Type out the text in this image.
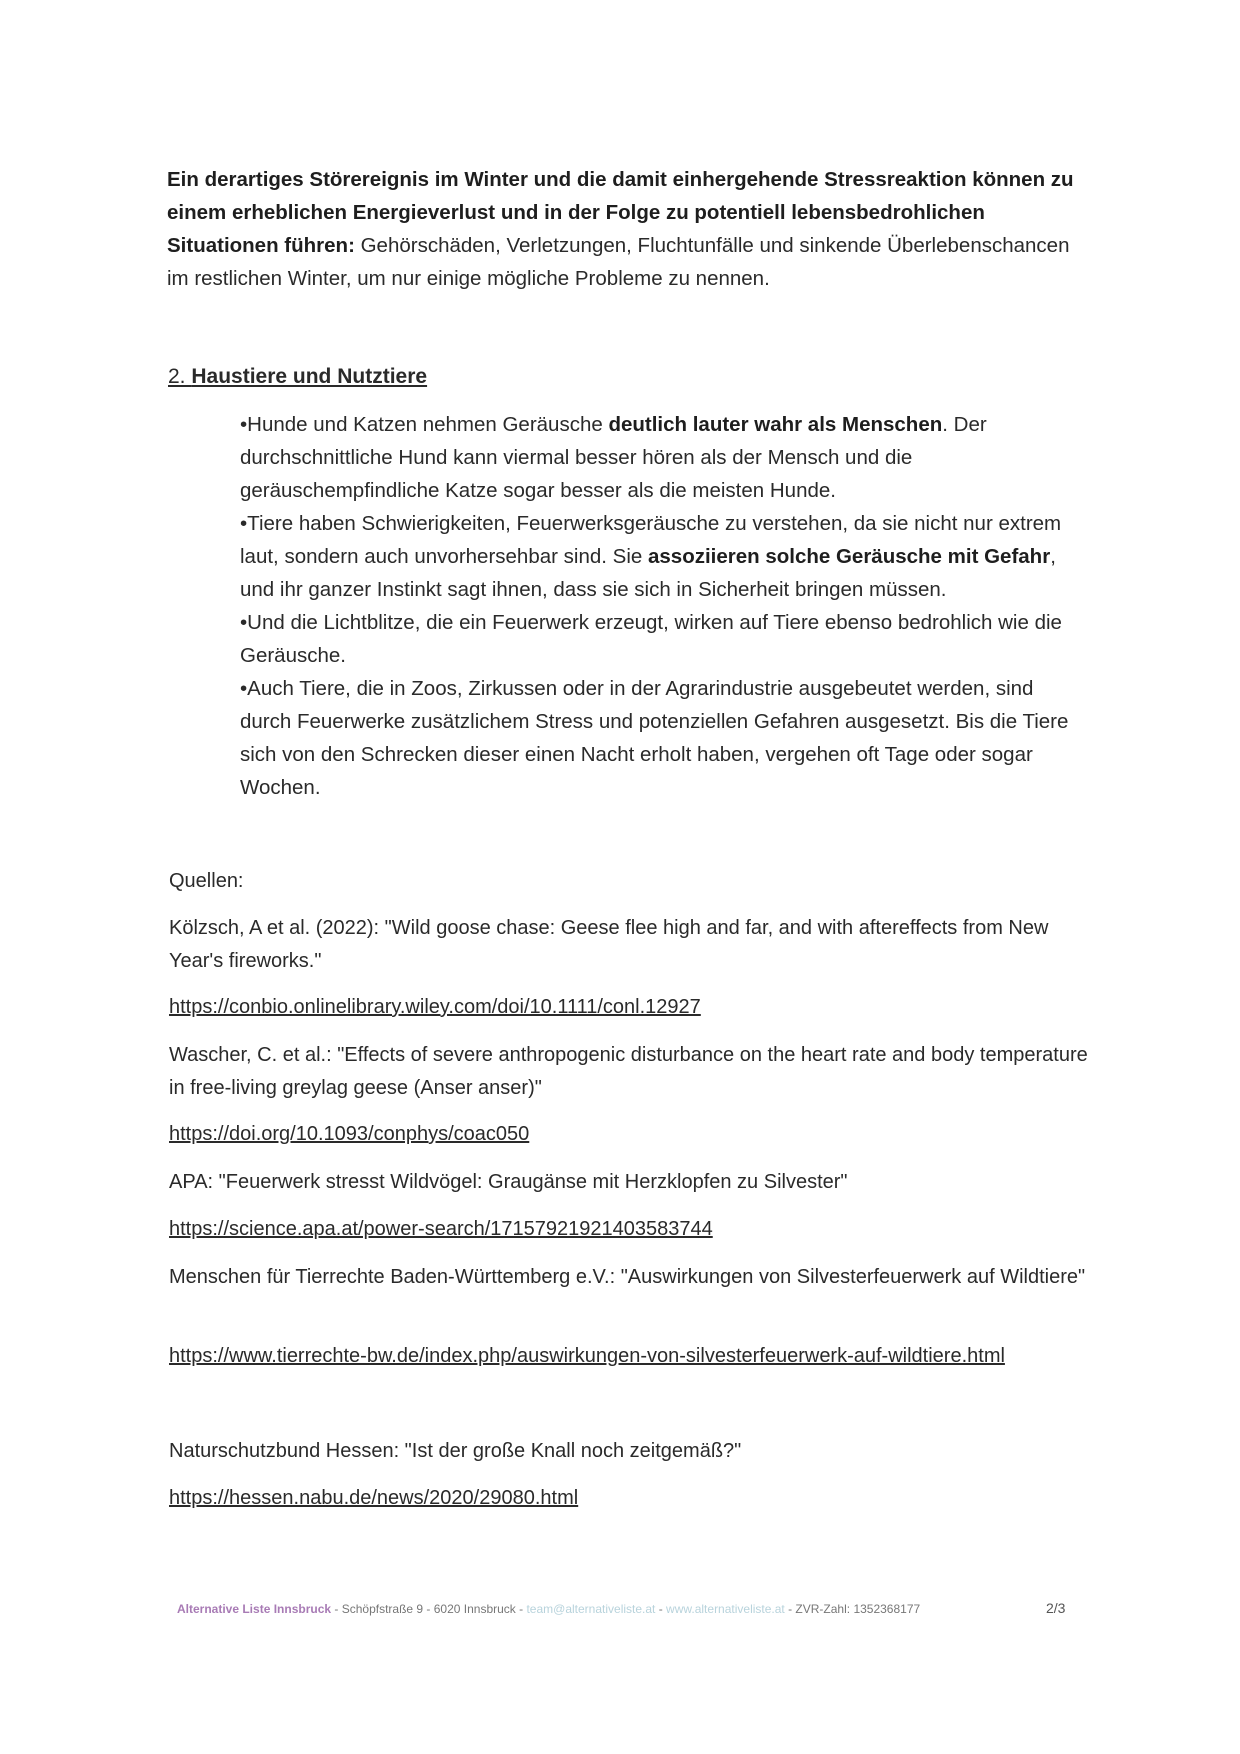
Ein derartiges Störereignis im Winter und die damit einhergehende Stressreaktion können zu einem erheblichen Energieverlust und in der Folge zu potentiell lebensbedrohlichen Situationen führen: Gehörschäden, Verletzungen, Fluchtunfälle und sinkende Überlebenschancen im restlichen Winter, um nur einige mögliche Probleme zu nennen.
2. Haustiere und Nutztiere

•Hunde und Katzen nehmen Geräusche deutlich lauter wahr als Menschen. Der durchschnittliche Hund kann viermal besser hören als der Mensch und die geräuschempfindliche Katze sogar besser als die meisten Hunde.

•Tiere haben Schwierigkeiten, Feuerwerksgeräusche zu verstehen, da sie nicht nur extrem laut, sondern auch unvorhersehbar sind. Sie assoziieren solche Geräusche mit Gefahr, und ihr ganzer Instinkt sagt ihnen, dass sie sich in Sicherheit bringen müssen.

•Und die Lichtblitze, die ein Feuerwerk erzeugt, wirken auf Tiere ebenso bedrohlich wie die Geräusche.

•Auch Tiere, die in Zoos, Zirkussen oder in der Agrarindustrie ausgebeutet werden, sind durch Feuerwerke zusätzlichem Stress und potenziellen Gefahren ausgesetzt. Bis die Tiere sich von den Schrecken dieser einen Nacht erholt haben, vergehen oft Tage oder sogar Wochen.

Quellen:

Kölzsch, A et al. (2022): "Wild goose chase: Geese flee high and far, and with aftereffects from New Year's fireworks."

https://conbio.onlinelibrary.wiley.com/doi/10.1111/conl.12927

Wascher, C. et al.: "Effects of severe anthropogenic disturbance on the heart rate and body temperature in free-living greylag geese (Anser anser)"

https://doi.org/10.1093/conphys/coac050

APA: "Feuerwerk stresst Wildvögel: Graugänse mit Herzklopfen zu Silvester"

https://science.apa.at/power-search/17157921921403583744

Menschen für Tierrechte Baden-Württemberg e.V.: "Auswirkungen von Silvesterfeuerwerk auf Wildtiere"

https://www.tierrechte-bw.de/index.php/auswirkungen-von-silvesterfeuerwerk-auf-wildtiere.html

Naturschutzbund Hessen: "Ist der große Knall noch zeitgemäß?"

https://hessen.nabu.de/news/2020/29080.html

Alternative Liste Innsbruck - Schöpfstraße 9 - 6020 Innsbruck - team@alternativeliste.at - www.alternativeliste.at - ZVR-Zahl: 1352368177	2/3
